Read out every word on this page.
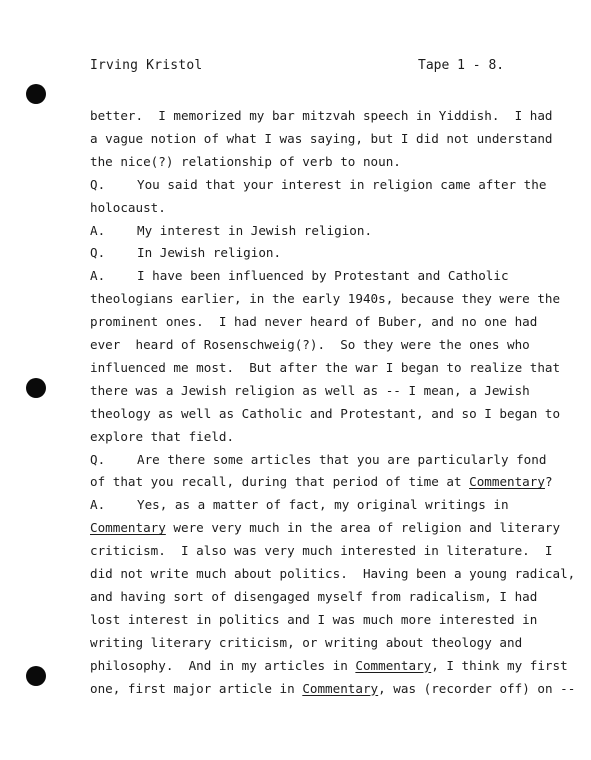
Irving Kristol	Tape 1 - 8.
better.  I memorized my bar mitzvah speech in Yiddish.  I had
a vague notion of what I was saying, but I did not understand
the nice(?) relationship of verb to noun.
Q.	You said that your interest in religion came after the
holocaust.
A.	My interest in Jewish religion.
Q.	In Jewish religion.
A.	I have been influenced by Protestant and Catholic
theologians earlier, in the early 1940s, because they were the
prominent ones.  I had never heard of Buber, and no one had
ever  heard of Rosenschweig(?).  So they were the ones who
influenced me most.  But after the war I began to realize that
there was a Jewish religion as well as -- I mean, a Jewish
theology as well as Catholic and Protestant, and so I began to
explore that field.
Q.	Are there some articles that you are particularly fond
of that you recall, during that period of time at Commentary?
A.	Yes, as a matter of fact, my original writings in
Commentary were very much in the area of religion and literary
criticism.  I also was very much interested in literature.  I
did not write much about politics.  Having been a young radical,
and having sort of disengaged myself from radicalism, I had
lost interest in politics and I was much more interested in
writing literary criticism, or writing about theology and
philosophy.  And in my articles in Commentary, I think my first
one, first major article in Commentary, was (recorder off) on --
